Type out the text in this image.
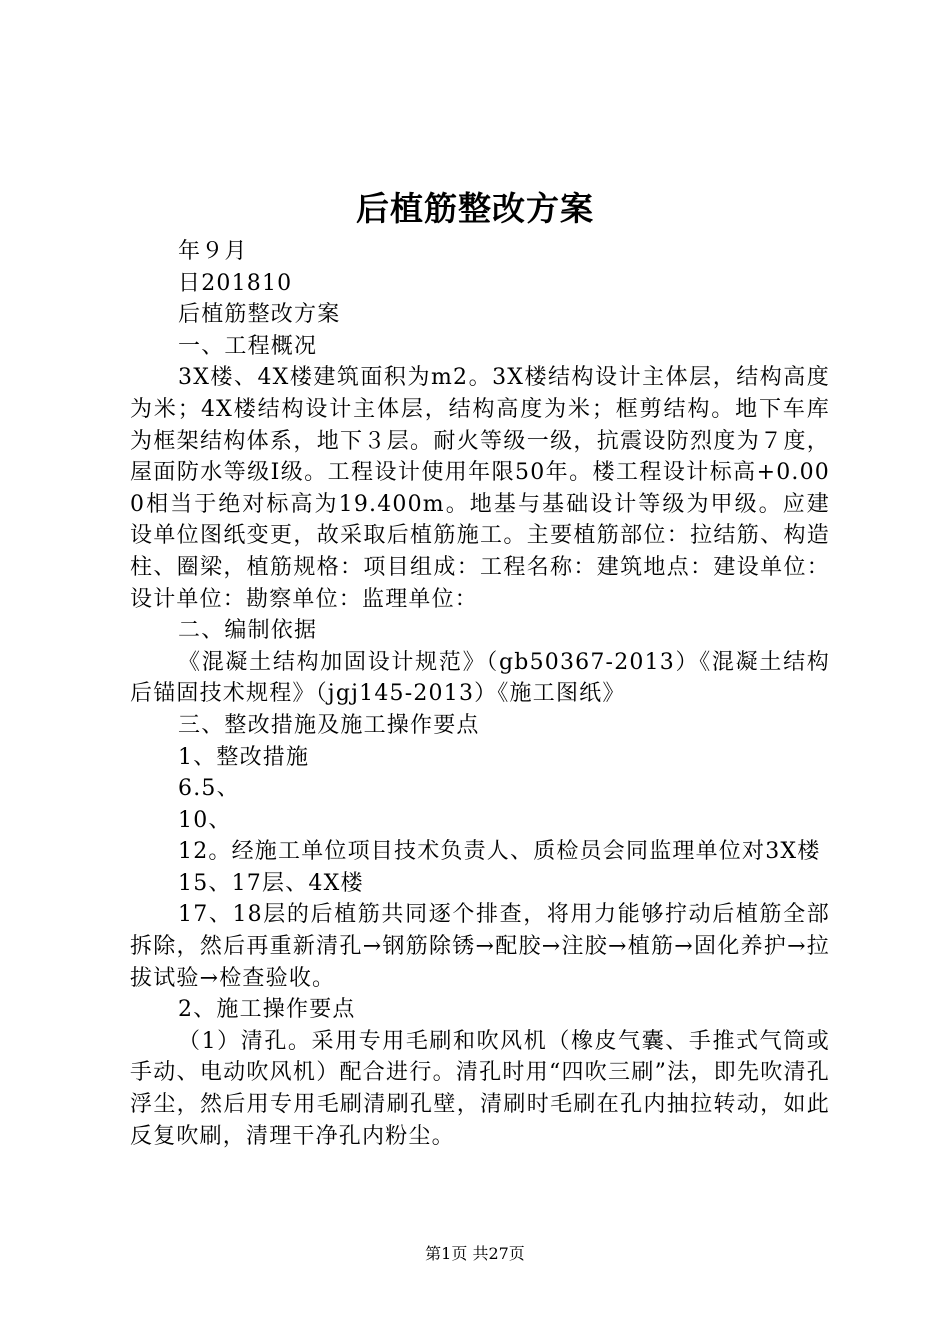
后植筋整改方案

年９月

日201810

后植筋整改方案

一、工程概况

3X楼、4X楼建筑面积为m2。3X楼结构设计主体层，结构高度为米；4X楼结构设计主体层，结构高度为米；框剪结构。地下车库为框架结构体系，地下３层。耐火等级一级，抗震设防烈度为７度，屋面防水等级Ⅰ级。工程设计使用年限50年。楼工程设计标高+0.000相当于绝对标高为19.400m。地基与基础设计等级为甲级。应建设单位图纸变更，故采取后植筋施工。主要植筋部位：拉结筋、构造柱、圈梁，植筋规格：项目组成：工程名称：建筑地点：建设单位：设计单位：勘察单位：监理单位：

二、编制依据

《混凝土结构加固设计规范》（gb50367-2013）《混凝土结构后锚固技术规程》（jgj145-2013）《施工图纸》

三、整改措施及施工操作要点

1、整改措施

6.5、

10、

12。经施工单位项目技术负责人、质检员会同监理单位对3X楼

15、17层、4X楼

17、18层的后植筋共同逐个排查，将用力能够拧动后植筋全部拆除，然后再重新清孔→钢筋除锈→配胶→注胶→植筋→固化养护→拉拔试验→检查验收。

2、施工操作要点

（1）清孔。采用专用毛刷和吹风机（橡皮气囊、手推式气筒或手动、电动吹风机）配合进行。清孔时用“四吹三刷”法，即先吹清孔浮尘，然后用专用毛刷清刷孔壁，清刷时毛刷在孔内抽拉转动，如此反复吹刷，清理干净孔内粉尘。

第1页 共27页
